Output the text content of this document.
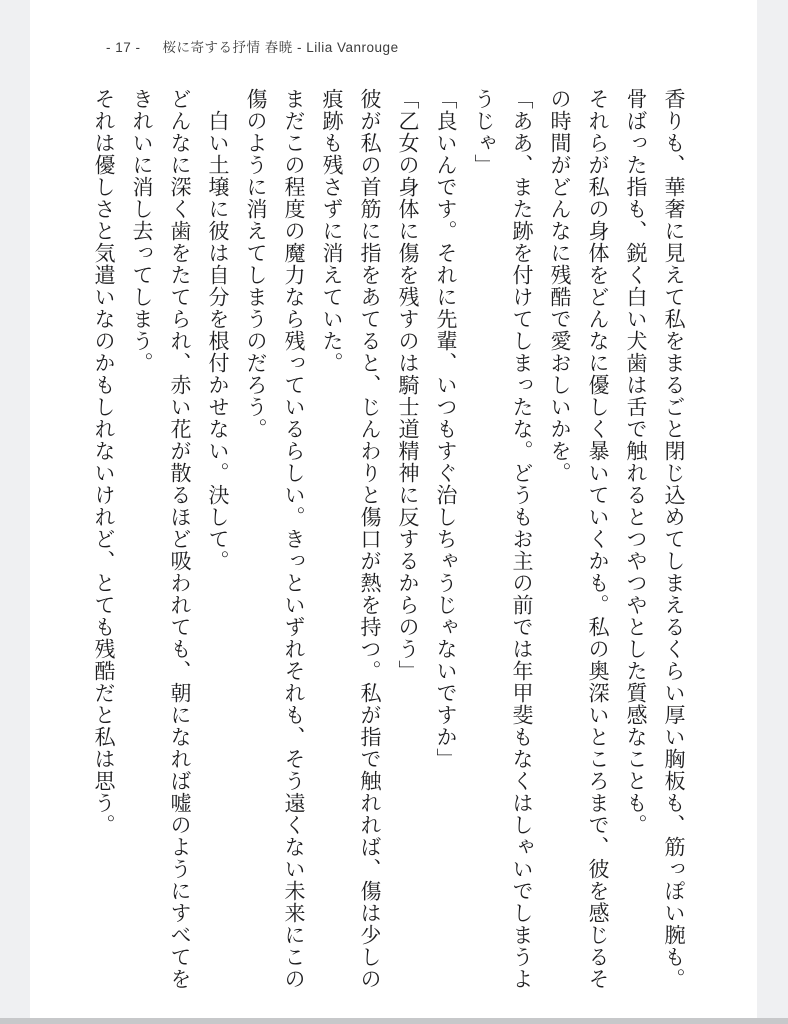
- 17 - 桜に寄する抒情 春暁 - Lilia Vanrouge

香りも、華奢に見えて私をまるごと閉じ込めてしまえるくらい厚い胸板も、筋っぽい腕も。

骨ばった指も、鋭く白い犬歯は舌で触れるとつやつやとした質感なことも。

それらが私の身体をどんなに優しく暴いていくかも。私の奥深いところまで、彼を感じるそ

の時間がどんなに残酷で愛おしいかを。

「ああ、また跡を付けてしまったな。どうもお主の前では年甲斐もなくはしゃいでしまうよ

うじゃ」

「良いんです。それに先輩、いつもすぐ治しちゃうじゃないですか」

「乙女の身体に傷を残すのは騎士道精神に反するからのう」

彼が私の首筋に指をあてると、じんわりと傷口が熱を持つ。私が指で触れれば、傷は少しの

痕跡も残さずに消えていた。

まだこの程度の魔力なら残っているらしい。きっといずれそれも、そう遠くない未来にこの

傷のように消えてしまうのだろう。

　白い土壌に彼は自分を根付かせない。決して。

どんなに深く歯をたてられ、赤い花が散るほど吸われても、朝になれば嘘のようにすべてを

きれいに消し去ってしまう。

それは優しさと気遣いなのかもしれないけれど、とても残酷だと私は思う。
